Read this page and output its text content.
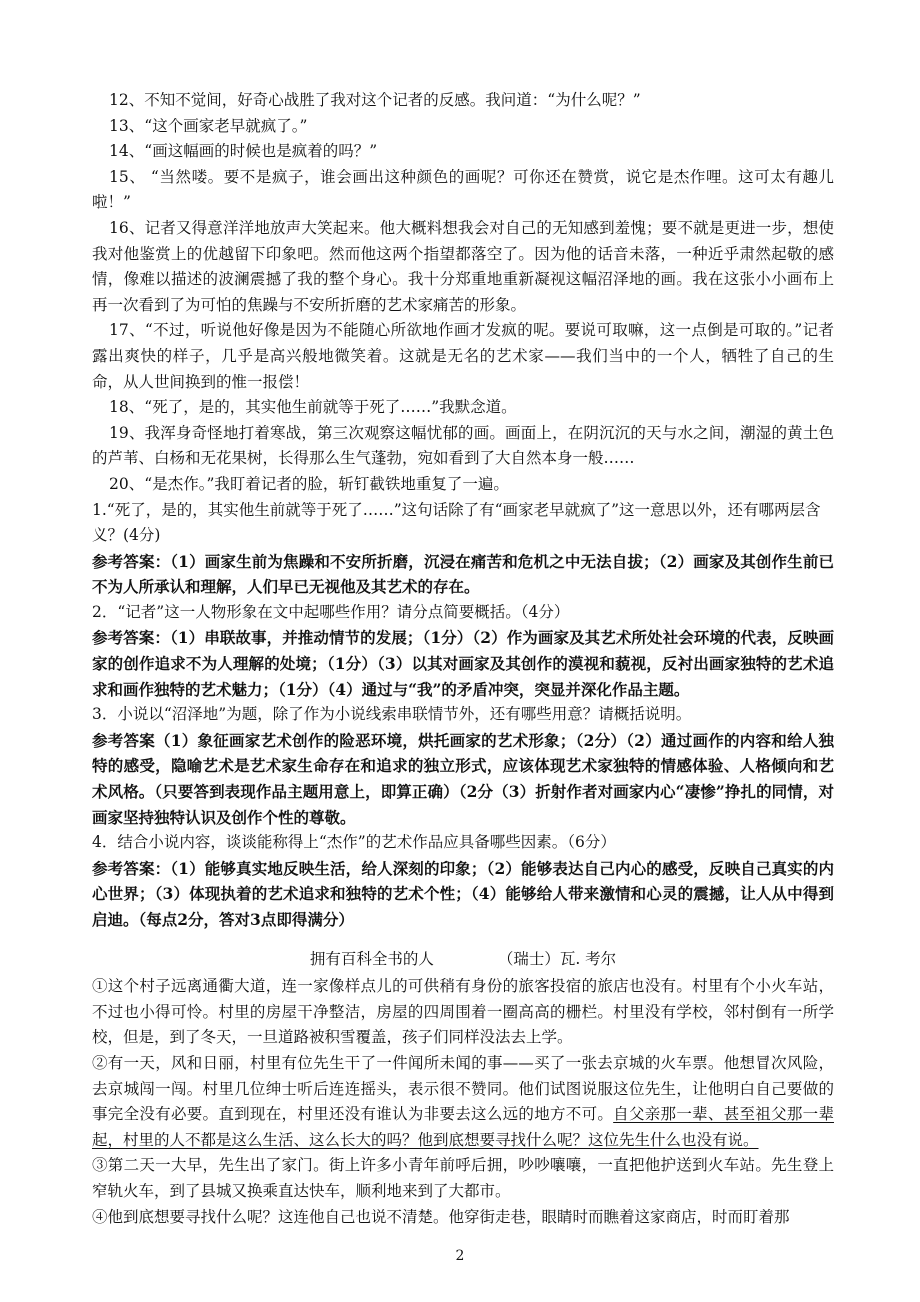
12、不知不觉间，好奇心战胜了我对这个记者的反感。我问道：“为什么呢？”

13、“这个画家老早就疯了。”

14、“画这幅画的时候也是疯着的吗？”

15、 “当然喽。要不是疯子，谁会画出这种颜色的画呢？可你还在赞赏，说它是杰作哩。这可太有趣儿啦！”

16、记者又得意洋洋地放声大笑起来。他大概料想我会对自己的无知感到羞愧；要不就是更进一步，想使我对他鉴赏上的优越留下印象吧。然而他这两个指望都落空了。因为他的话音未落，一种近乎肃然起敬的感情，像难以描述的波澜震撼了我的整个身心。我十分郑重地重新凝视这幅沼泽地的画。我在这张小小画布上再一次看到了为可怕的焦躁与不安所折磨的艺术家痛苦的形象。

17、“不过，听说他好像是因为不能随心所欲地作画才发疯的呢。要说可取嘛，这一点倒是可取的。”记者露出爽快的样子，几乎是高兴般地微笑着。这就是无名的艺术家——我们当中的一个人，牺牲了自己的生命，从人世间换到的惟一报偿！

18、“死了，是的，其实他生前就等于死了……”我默念道。

19、我浑身奇怪地打着寒战，第三次观察这幅忧郁的画。画面上，在阴沉沉的天与水之间，潮湿的黄土色的芦苇、白杨和无花果树，长得那么生气蓬勃，宛如看到了大自然本身一般……

20、“是杰作。”我盯着记者的脸，斩钉截铁地重复了一遍。

1.“死了，是的，其实他生前就等于死了……”这句话除了有“画家老早就疯了”这一意思以外，还有哪两层含义？(4分)

参考答案：（1）画家生前为焦躁和不安所折磨，沉浸在痛苦和危机之中无法自拔；（2）画家及其创作生前已不为人所承认和理解，人们早已无视他及其艺术的存在。

2．“记者”这一人物形象在文中起哪些作用？请分点简要概括。（4分）

参考答案：（1）串联故事，并推动情节的发展；（1分）（2）作为画家及其艺术所处社会环境的代表，反映画家的创作追求不为人理解的处境；（1分）（3）以其对画家及其创作的漠视和藐视，反衬出画家独特的艺术追求和画作独特的艺术魅力；（1分）（4）通过与“我”的矛盾冲突，突显并深化作品主题。

3．小说以“沼泽地”为题，除了作为小说线索串联情节外，还有哪些用意？请概括说明。

参考答案（1）象征画家艺术创作的险恶环境，烘托画家的艺术形象；（2分）（2）通过画作的内容和给人独特的感受，隐喻艺术是艺术家生命存在和追求的独立形式，应该体现艺术家独特的情感体验、人格倾向和艺术风格。（只要答到表现作品主题用意上，即算正确）（2分（3）折射作者对画家内心“凄惨”挣扎的同情，对画家坚持独特认识及创作个性的尊敬。

4．结合小说内容，谈谈能称得上“杰作”的艺术作品应具备哪些因素。（6分）

参考答案：（1）能够真实地反映生活，给人深刻的印象；（2）能够表达自己内心的感受，反映自己真实的内心世界；（3）体现执着的艺术追求和独特的艺术个性；（4）能够给人带来激情和心灵的震撼，让人从中得到启迪。（每点2分，答对3点即得满分）

拥有百科全书的人	（瑞士）瓦. 考尔

①这个村子远离通衢大道，连一家像样点儿的可供稍有身份的旅客投宿的旅店也没有。村里有个小火车站，不过也小得可怜。村里的房屋干净整洁，房屋的四周围着一圈高高的栅栏。村里没有学校，邻村倒有一所学校，但是，到了冬天，一旦道路被积雪覆盖，孩子们同样没法去上学。

②有一天，风和日丽，村里有位先生干了一件闻所未闻的事——买了一张去京城的火车票。他想冒次风险，去京城闯一闯。村里几位绅士听后连连摇头，表示很不赞同。他们试图说服这位先生，让他明白自己要做的事完全没有必要。直到现在，村里还没有谁认为非要去这么远的地方不可。自父亲那一辈、甚至祖父那一辈起，村里的人不都是这么生活、这么长大的吗？他到底想要寻找什么呢？这位先生什么也没有说。

③第二天一大早，先生出了家门。街上许多小青年前呼后拥，吵吵嚷嚷，一直把他护送到火车站。先生登上窄轨火车，到了县城又换乘直达快车，顺利地来到了大都市。

④他到底想要寻找什么呢？这连他自己也说不清楚。他穿街走巷，眼睛时而瞧着这家商店，时而盯着那

2
